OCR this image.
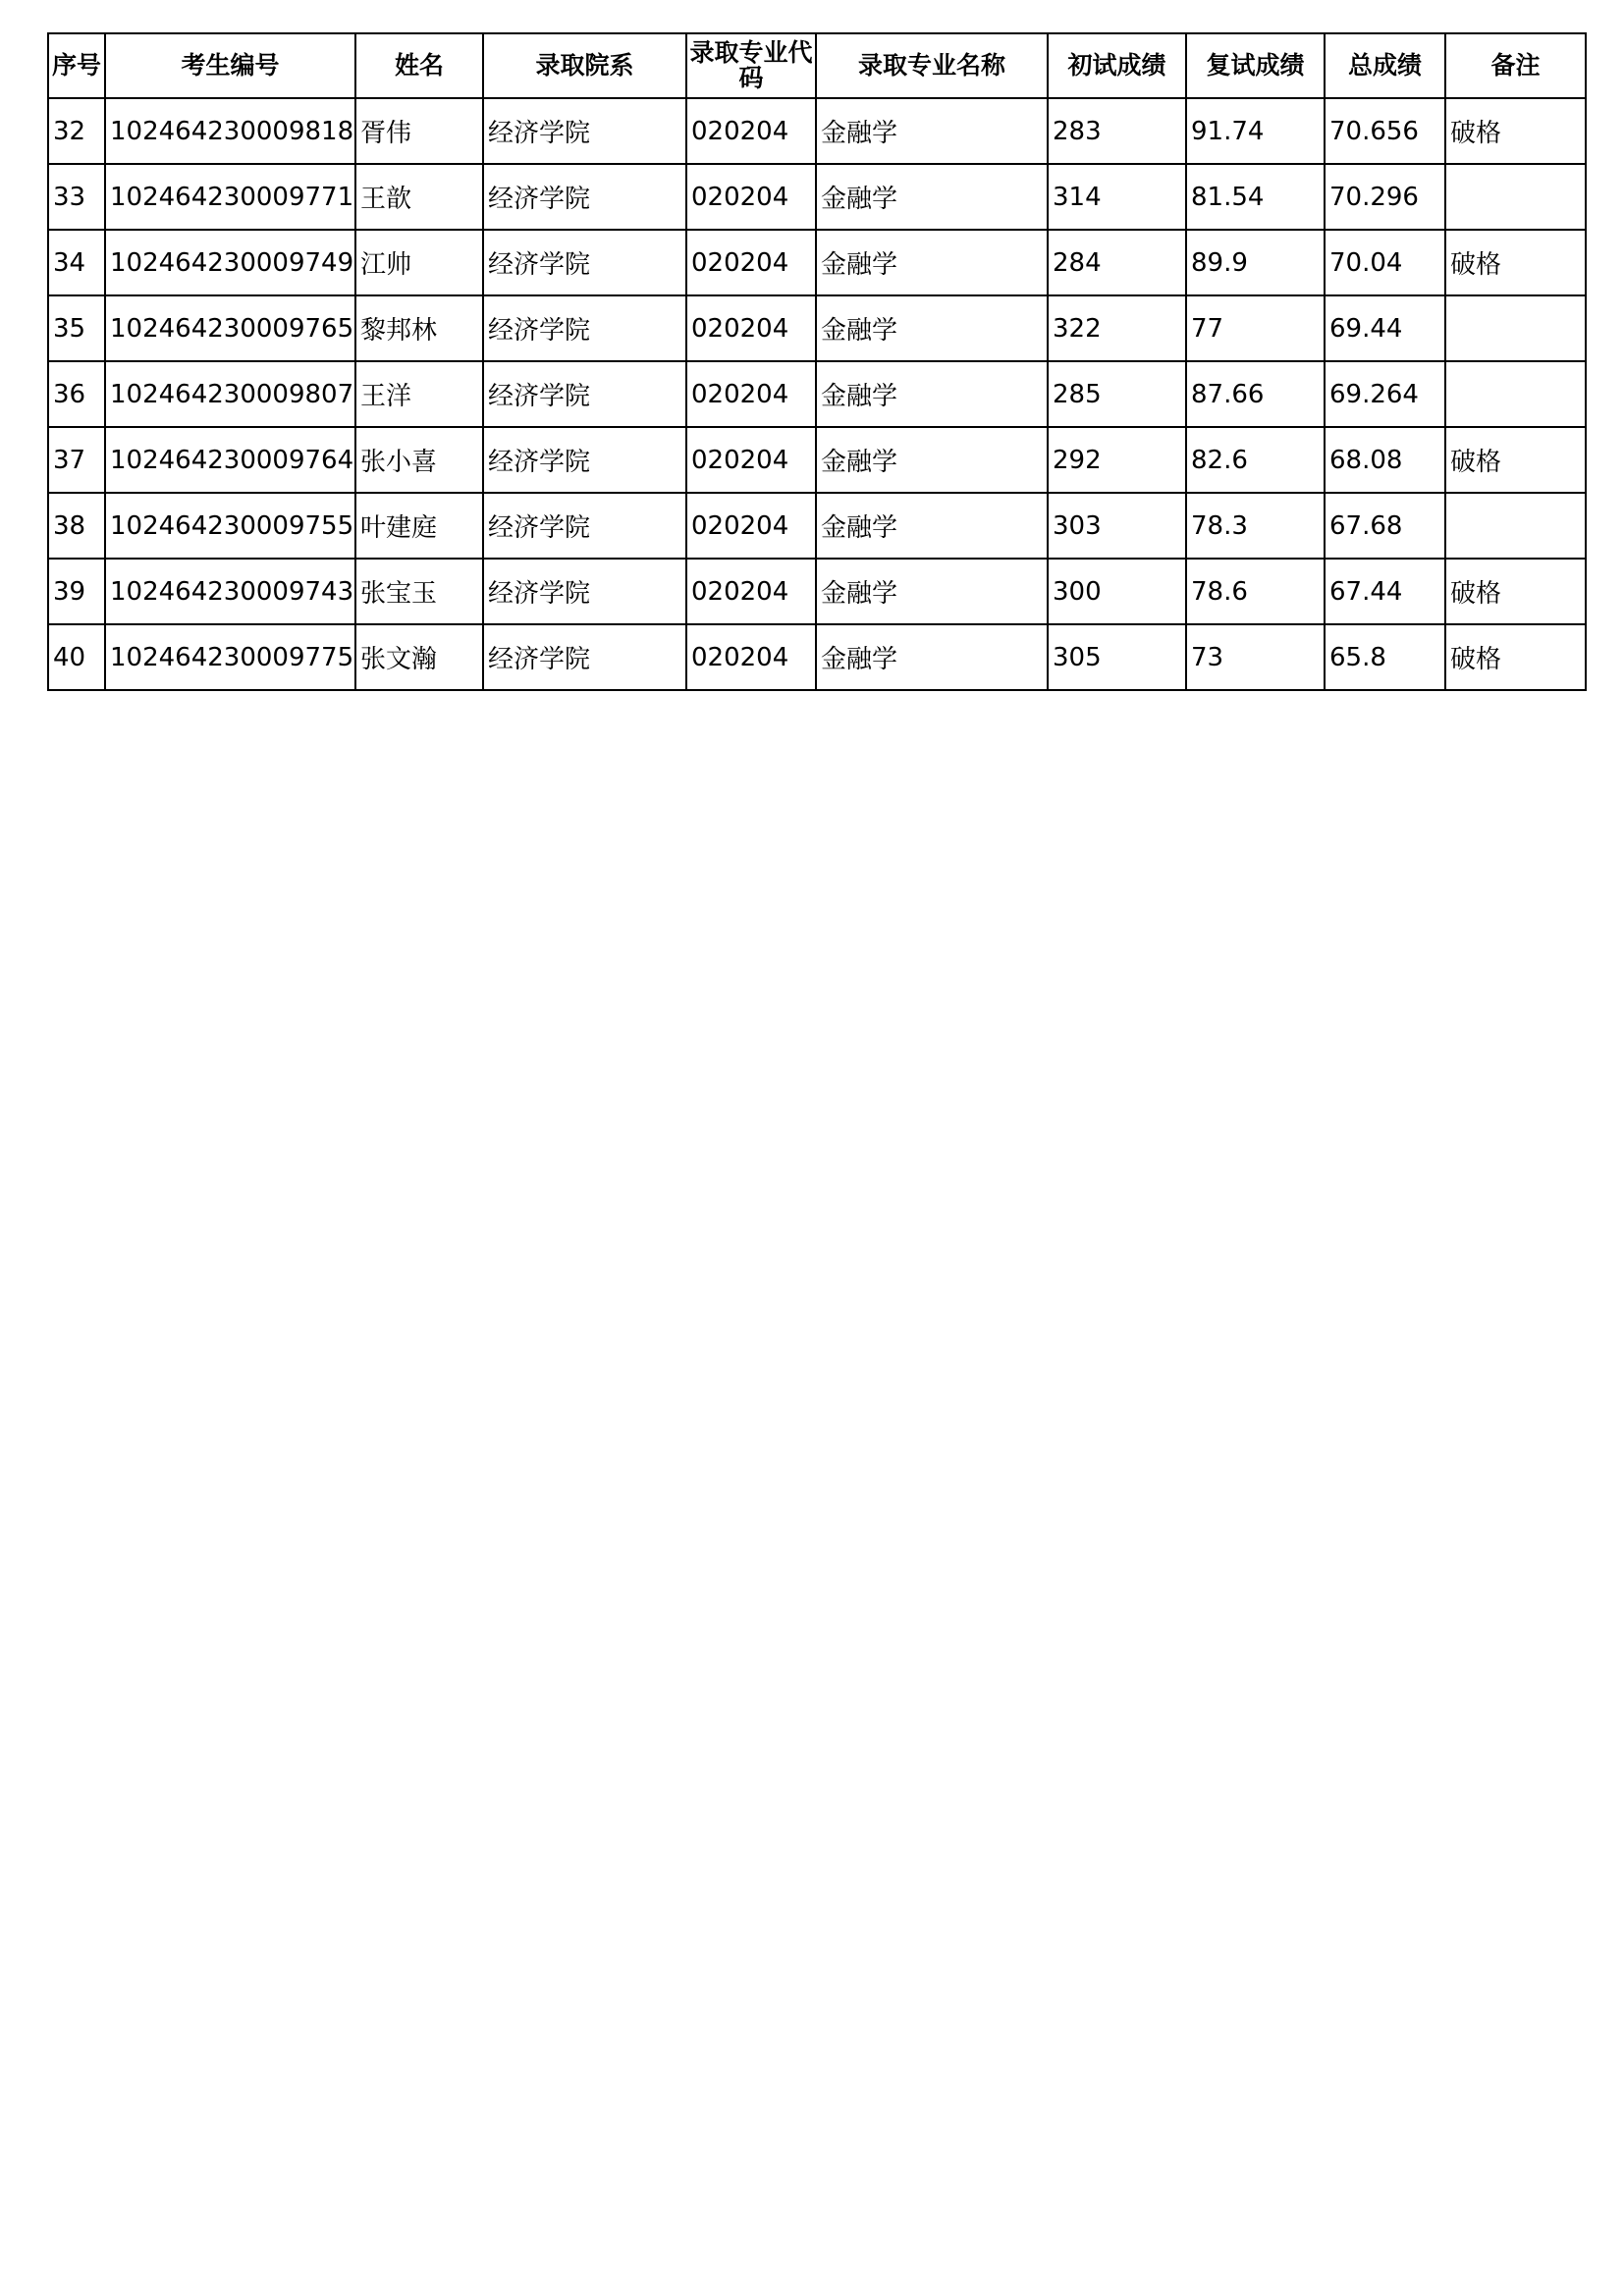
序号	考生编号	姓名	录取院系	录取专业代码	录取专业名称	初试成绩	复试成绩	总成绩	备注
32	102464230009818	胥伟	经济学院	020204	金融学	283	91.74	70.656	破格
33	102464230009771	王歆	经济学院	020204	金融学	314	81.54	70.296	
34	102464230009749	江帅	经济学院	020204	金融学	284	89.9	70.04	破格
35	102464230009765	黎邦林	经济学院	020204	金融学	322	77	69.44	
36	102464230009807	王洋	经济学院	020204	金融学	285	87.66	69.264	
37	102464230009764	张小喜	经济学院	020204	金融学	292	82.6	68.08	破格
38	102464230009755	叶建庭	经济学院	020204	金融学	303	78.3	67.68	
39	102464230009743	张宝玉	经济学院	020204	金融学	300	78.6	67.44	破格
40	102464230009775	张文瀚	经济学院	020204	金融学	305	73	65.8	破格
